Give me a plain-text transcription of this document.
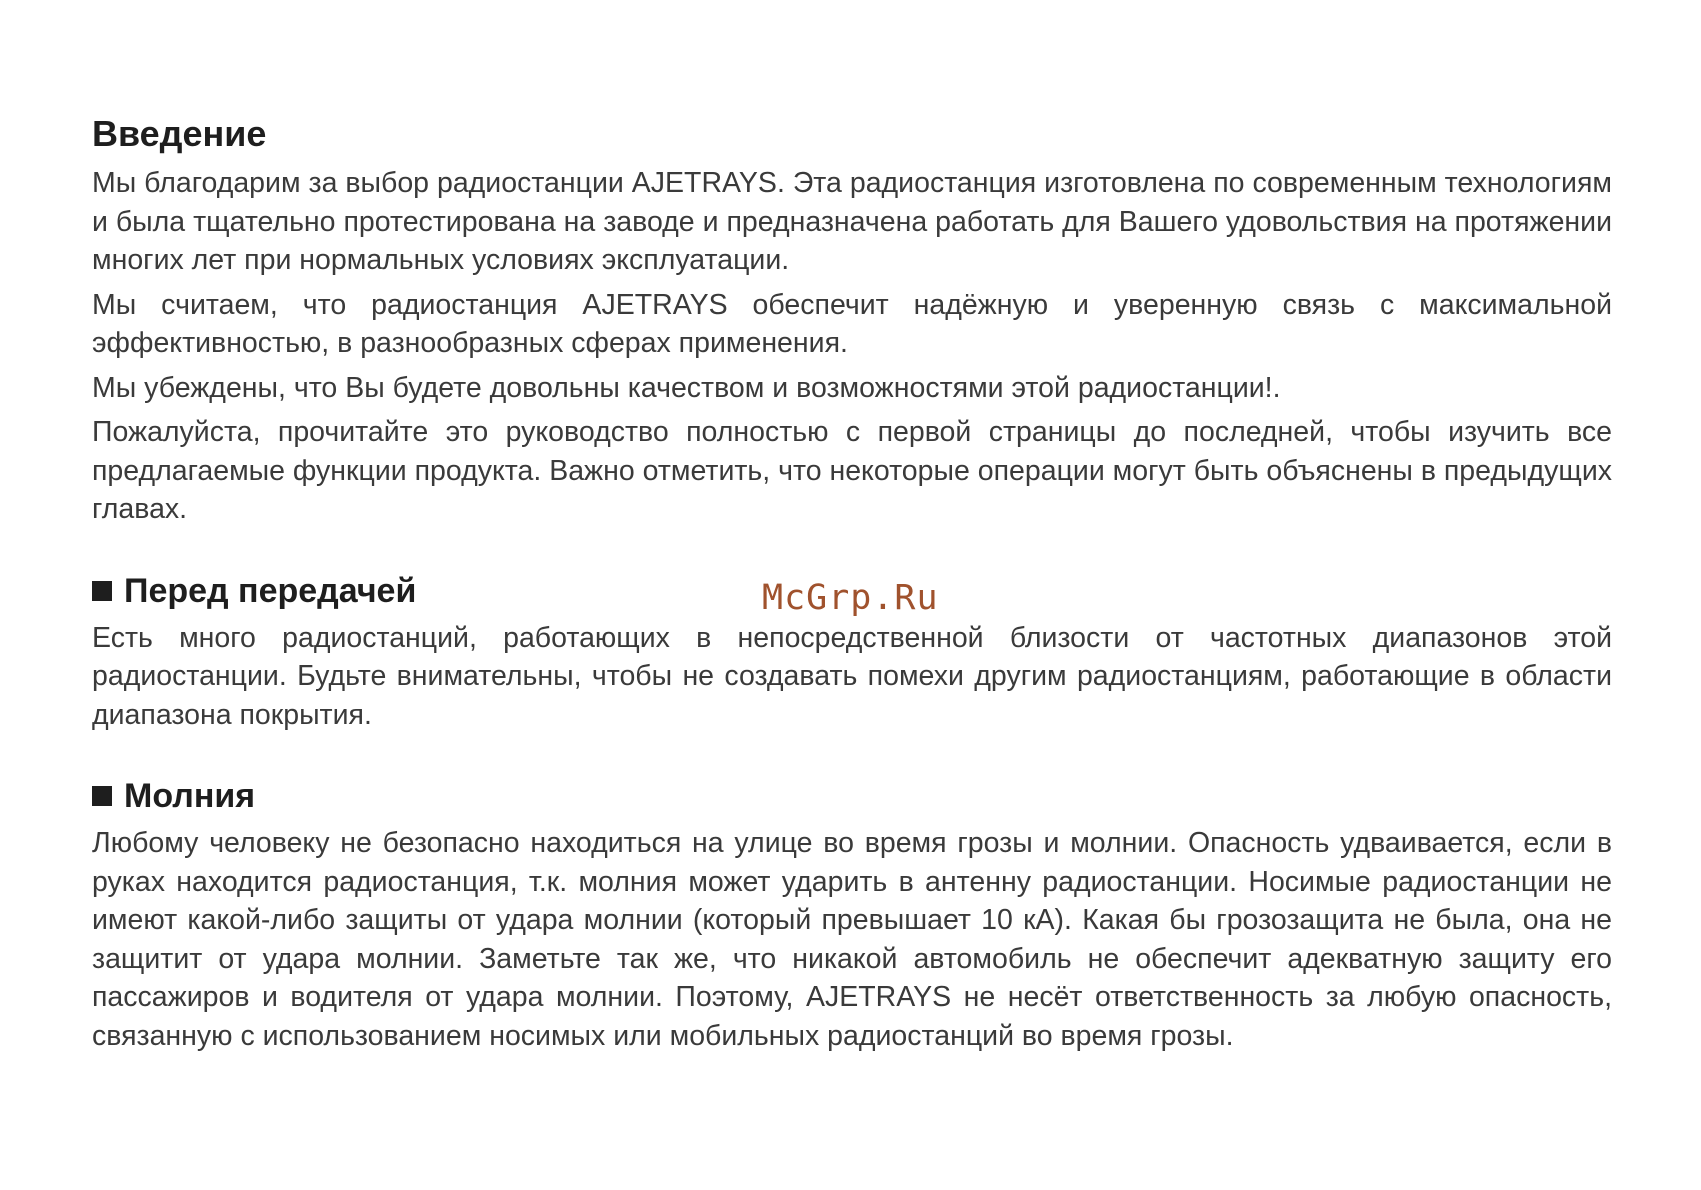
Введение

Мы благодарим за выбор радиостанции AJETRAYS. Эта радиостанция изготовлена по современным технологиям и была тщательно протестирована на заводе и предназначена работать для Вашего удовольствия на протяжении многих лет при нормальных условиях эксплуатации.

Мы считаем, что радиостанция AJETRAYS обеспечит надёжную и уверенную связь с максимальной эффективностью, в разнообразных сферах применения.

Мы убеждены, что Вы будете довольны качеством и возможностями этой радиостанции!.

Пожалуйста, прочитайте это руководство полностью с первой страницы до последней, чтобы изучить все предлагаемые функции продукта. Важно отметить, что некоторые операции могут быть объяснены в предыдущих главах.

Перед передачей

Есть много радиостанций, работающих в непосредственной близости от частотных диапазонов этой радиостанции. Будьте внимательны, чтобы не создавать помехи другим радиостанциям, работающие в области диапазона покрытия.

Молния

Любому человеку не безопасно находиться на улице во время грозы и молнии. Опасность удваивается, если в руках находится радиостанция, т.к. молния может ударить в антенну радиостанции. Носимые радиостанции не имеют какой-либо защиты от удара молнии (который превышает 10 кА). Какая бы грозозащита не была, она не защитит от удара молнии. Заметьте так же, что никакой автомобиль не обеспечит адекватную защиту его пассажиров и водителя от удара молнии. Поэтому, AJETRAYS не несёт ответственность за любую опасность, связанную с использованием носимых или мобильных радиостанций во время грозы.

McGrp.Ru
